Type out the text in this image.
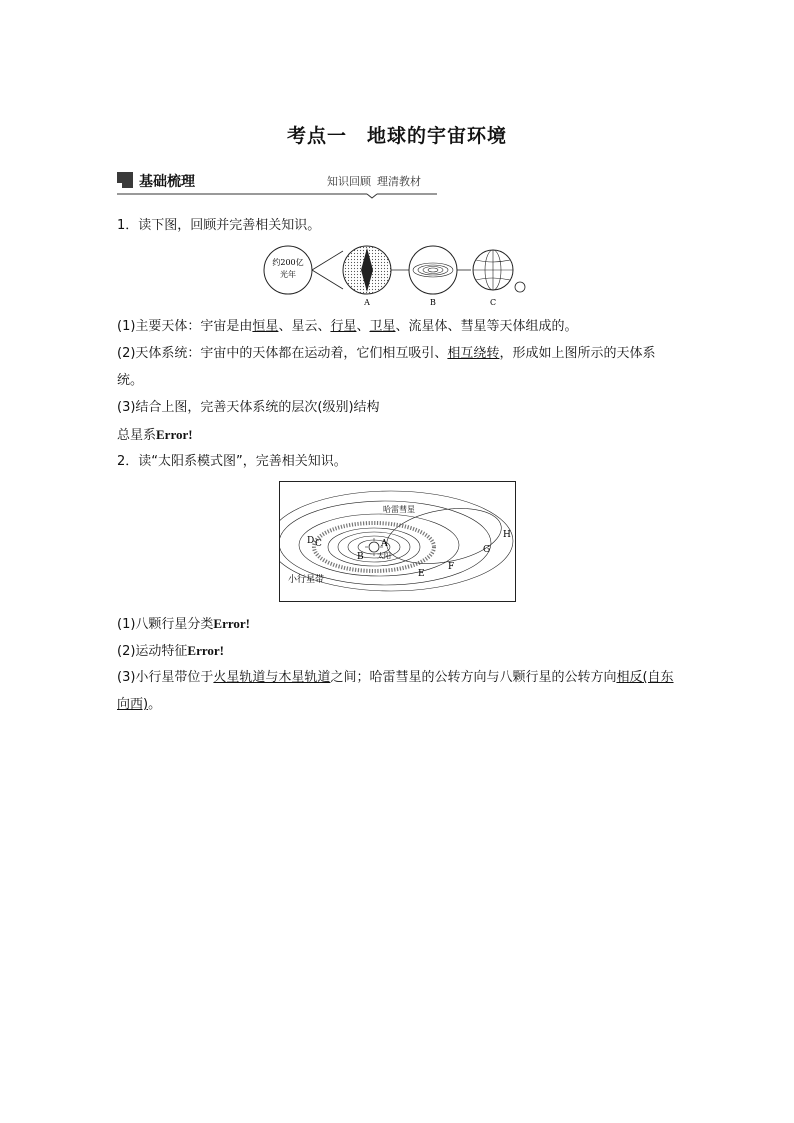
考点一　地球的宇宙环境
基础梳理	知识回顾 理清教材
1．读下图，回顾并完善相关知识。
约200亿
光年
A	B	C
(1)主要天体：宇宙是由恒星、星云、行星、卫星、流星体、彗星等天体组成的。
(2)天体系统：宇宙中的天体都在运动着，它们相互吸引、相互绕转，形成如上图所示的天体系统。
(3)结合上图，完善天体系统的层次(级别)结构
总星系Error!
2．读“太阳系模式图”，完善相关知识。
太阳
哈雷彗星
小行星带
A
B
C
D
E
F
G
H
(1)八颗行星分类Error!
(2)运动特征Error!
(3)小行星带位于火星轨道与木星轨道之间；哈雷彗星的公转方向与八颗行星的公转方向相反(自东向西)。
